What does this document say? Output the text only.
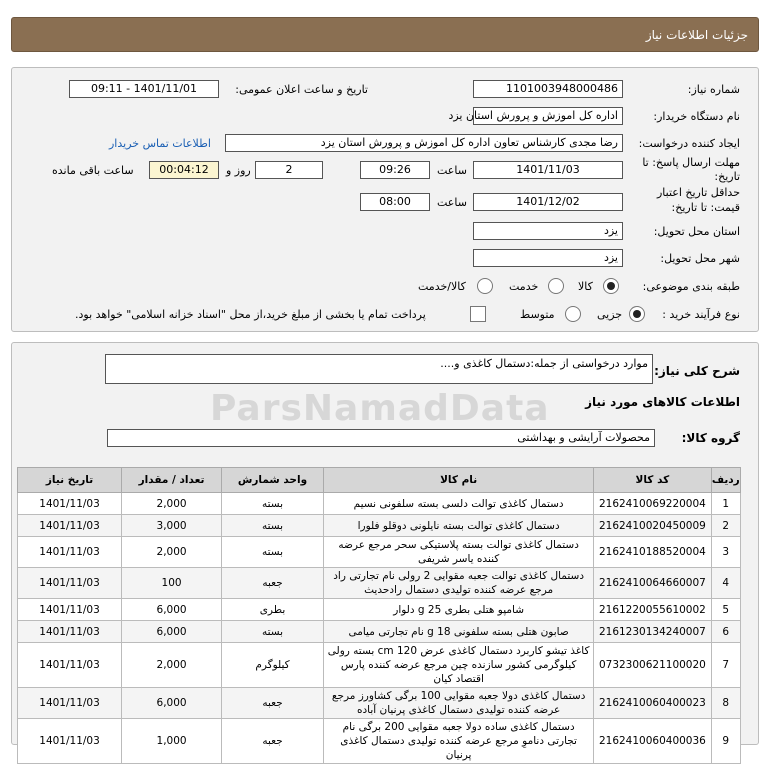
جزئیات اطلاعات نیاز
شماره نیاز:
1101003948000486
تاریخ و ساعت اعلان عمومی:
1401/11/01 - 09:11
نام دستگاه خریدار:
اداره کل اموزش و پرورش استان یزد
ایجاد کننده درخواست:
رضا مجدی کارشناس تعاون اداره کل اموزش و پرورش استان یزد
اطلاعات تماس خریدار
مهلت ارسال پاسخ: تا تاریخ:
1401/11/03
ساعت
09:26
2
روز و
00:04:12
ساعت باقی مانده
حداقل تاریخ اعتبار
قیمت: تا تاریخ:
1401/12/02
ساعت
08:00
استان محل تحویل:
یزد
شهر محل تحویل:
یزد
طبقه بندی موضوعی:
کالا
خدمت
کالا/خدمت
نوع فرآیند خرید :
جزیی
متوسط
پرداخت تمام یا بخشی از مبلغ خرید،از محل "اسناد خزانه اسلامی" خواهد بود.
شرح کلی نیاز:
موارد درخواستی از جمله:دستمال کاغذی و....
اطلاعات کالاهای مورد نیاز
گروه کالا:
محصولات آرایشی و بهداشتی
ParsNamadData
ردیف	کد کالا	نام کالا	واحد شمارش	تعداد / مقدار	تاریخ نیاز
1	2162410069220004	دستمال کاغذی توالت دلسی بسته سلفونی نسیم	بسته	2,000	1401/11/03
2	2162410020450009	دستمال کاغذی توالت بسته نایلونی دوقلو فلورا	بسته	3,000	1401/11/03
3	2162410188520004	دستمال کاغذی توالت بسته پلاستیکی سحر مرجع عرضه کننده یاسر شریفی	بسته	2,000	1401/11/03
4	2162410064660007	دستمال کاغذی توالت جعبه مقوایی 2 رولی نام تجارتی راد مرجع عرضه کننده تولیدی دستمال رادحدیث	جعبه	100	1401/11/03
5	2161220055610002	شامپو هتلی بطری 25 g دلوار	بطری	6,000	1401/11/03
6	2161230134240007	صابون هتلی بسته سلفونی 18 g نام تجارتی میامی	بسته	6,000	1401/11/03
7	0732300621100020	کاغذ تیشو کاربرد دستمال کاغذی عرض 120 cm بسته رولی کیلوگرمی کشور سازنده چین مرجع عرضه کننده پارس اقتصاد کیان	کیلوگرم	2,000	1401/11/03
8	2162410060400023	دستمال کاغذی دولا جعبه مقوایی 100 برگی کشاورز مرجع عرضه کننده تولیدی دستمال کاغذی پرنیان آباده	جعبه	6,000	1401/11/03
9	2162410060400036	دستمال کاغذی ساده دولا جعبه مقوایی 200 برگی نام تجارتی دناموِ مرجع عرضه کننده تولیدی دستمال کاغذی پرنیان	جعبه	1,000	1401/11/03
